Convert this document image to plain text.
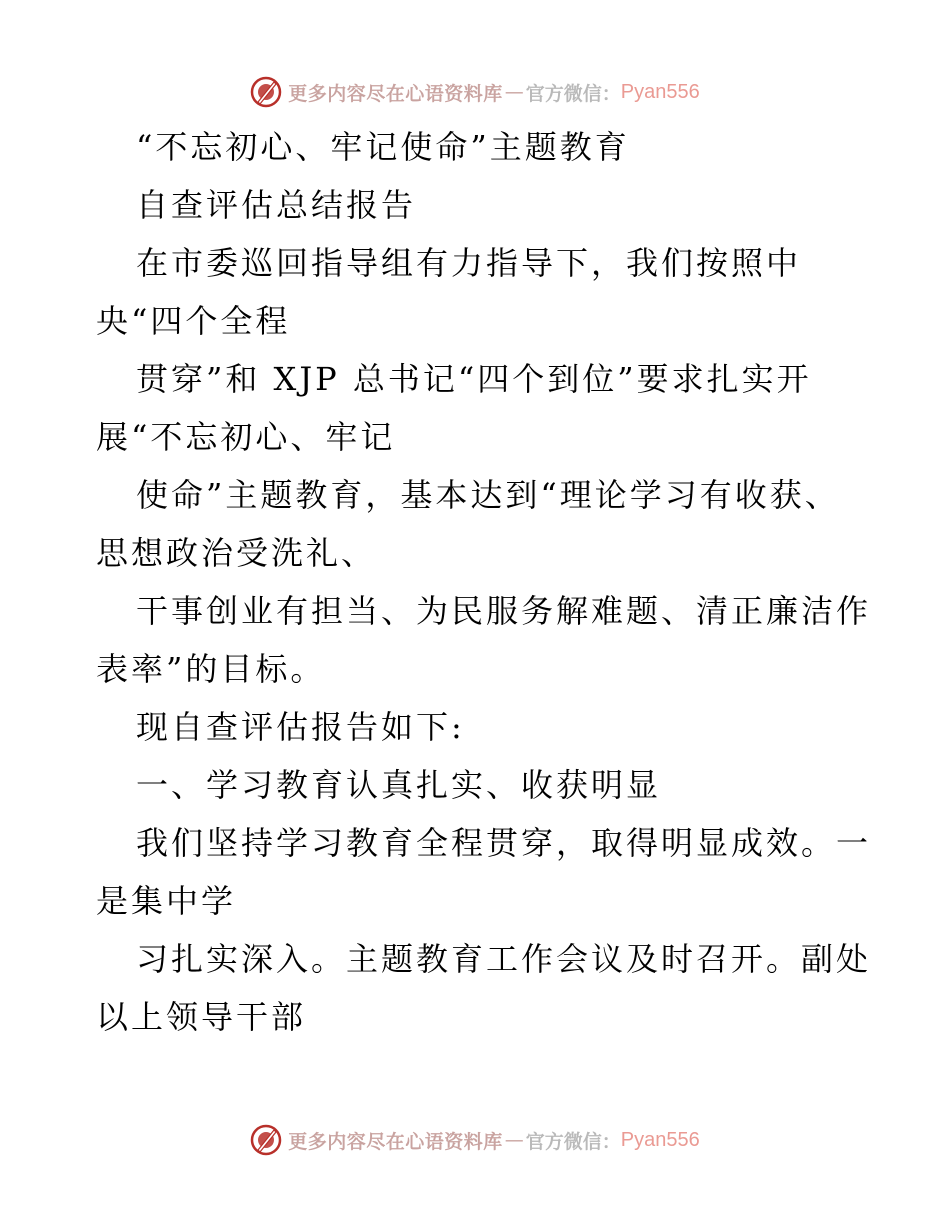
更多内容尽在心语资料库 — 官方微信： Pyan556
“不忘初心、牢记使命”主题教育
自查评估总结报告
在市委巡回指导组有力指导下，我们按照中
央“四个全程
贯穿”和 XJP 总书记“四个到位”要求扎实开
展“不忘初心、牢记
使命”主题教育，基本达到“理论学习有收获、
思想政治受洗礼、
干事创业有担当、为民服务解难题、清正廉洁作
表率”的目标。
现自查评估报告如下:
一、学习教育认真扎实、收获明显
我们坚持学习教育全程贯穿，取得明显成效。一
是集中学
习扎实深入。主题教育工作会议及时召开。副处
以上领导干部
更多内容尽在心语资料库 — 官方微信： Pyan556
